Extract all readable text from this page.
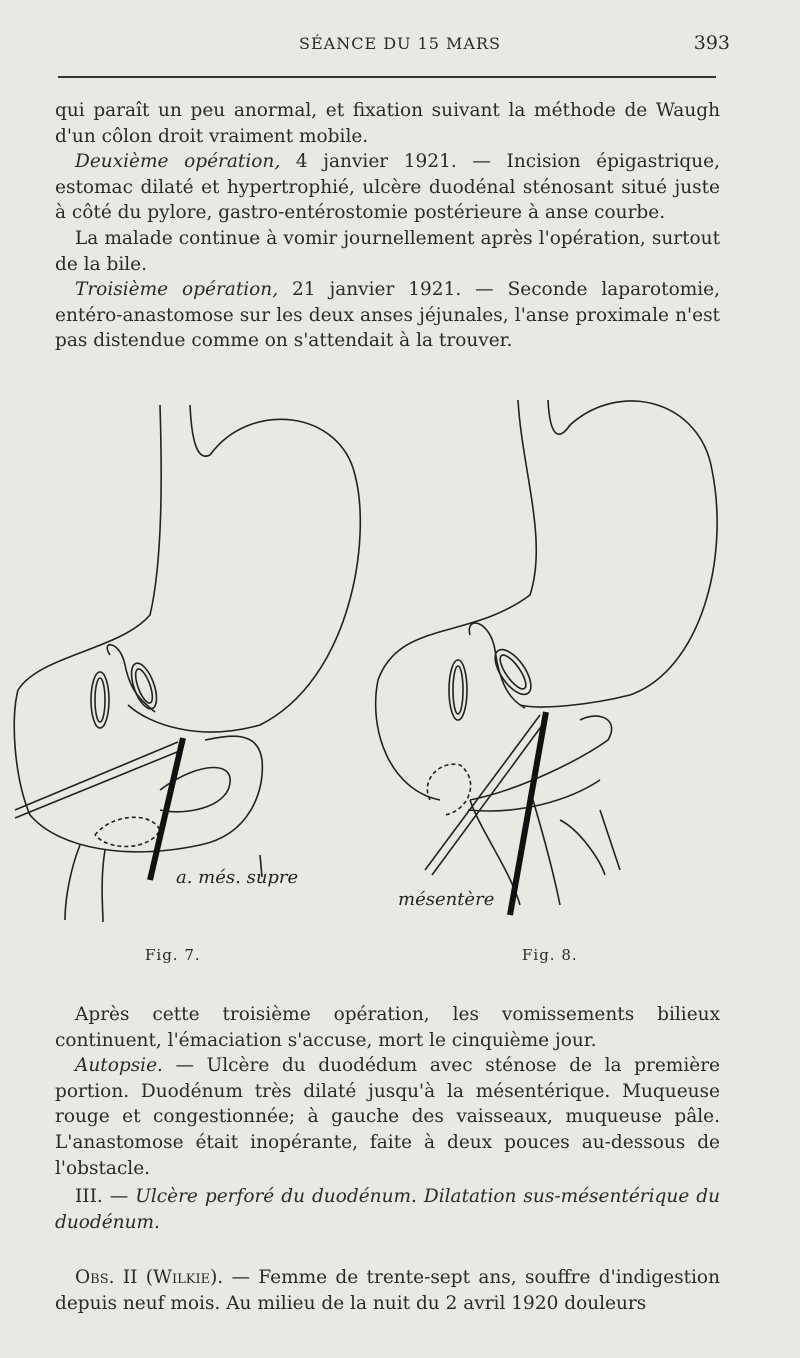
SÉANCE DU 15 MARS	393

qui paraît un peu anormal, et fixation suivant la méthode de Waugh d'un côlon droit vraiment mobile.

Deuxième opération, 4 janvier 1921. — Incision épigastrique, estomac dilaté et hypertrophié, ulcère duodénal sténosant situé juste à côté du pylore, gastro-entérostomie postérieure à anse courbe.

La malade continue à vomir journellement après l'opération, surtout de la bile.

Troisième opération, 21 janvier 1921. — Seconde laparotomie, entéro-anastomose sur les deux anses jéjunales, l'anse proximale n'est pas distendue comme on s'attendait à la trouver.

a. més. supre
mésentère
Fig. 7.	Fig. 8.

Après cette troisième opération, les vomissements bilieux continuent, l'émaciation s'accuse, mort le cinquième jour.

Autopsie. — Ulcère du duodédum avec sténose de la première portion. Duodénum très dilaté jusqu'à la mésentérique. Muqueuse rouge et congestionnée; à gauche des vaisseaux, muqueuse pâle. L'anastomose était inopérante, faite à deux pouces au-dessous de l'obstacle.

III. — Ulcère perforé du duodénum. Dilatation sus-mésentérique du duodénum.

Obs. II (Wilkie). — Femme de trente-sept ans, souffre d'indigestion depuis neuf mois. Au milieu de la nuit du 2 avril 1920 douleurs
